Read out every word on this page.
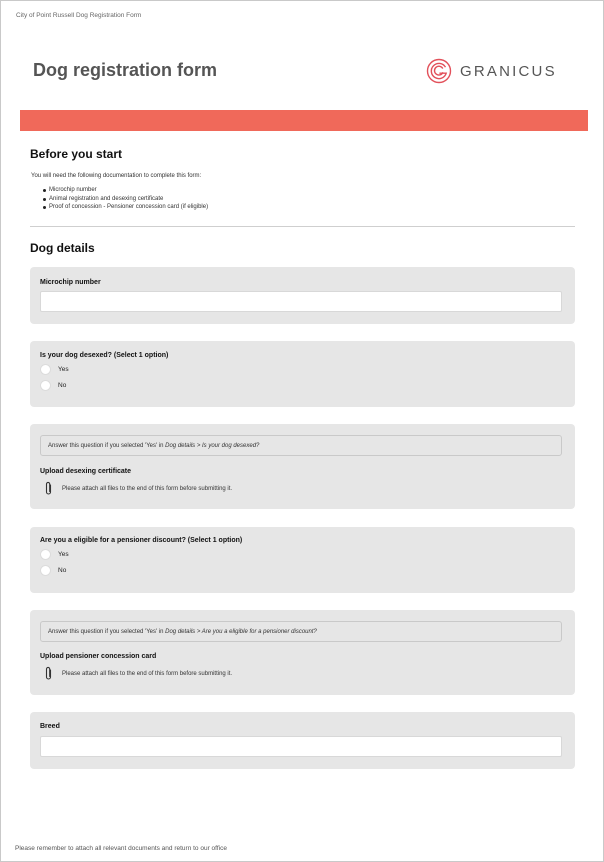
City of Point Russell Dog Registration Form
Dog registration form	GRANICUS
Before you start
You will need the following documentation to complete this form:
Microchip number
Animal registration and desexing certificate
Proof of concession - Pensioner concession card (if eligible)
Dog details
Microchip number
Is your dog desexed? (Select 1 option)
Yes
No
Answer this question if you selected 'Yes' in
Dog details > Is your dog desexed?
Upload desexing certificate
Please attach all files to the end of this form before submitting it.
Are you a eligible for a pensioner discount? (Select 1 option)
Yes
No
Answer this question if you selected 'Yes' in
Dog details > Are you a eligible for a pensioner discount?
Upload pensioner concession card
Please attach all files to the end of this form before submitting it.
Breed
Please remember to attach all relevant documents and return to our office
